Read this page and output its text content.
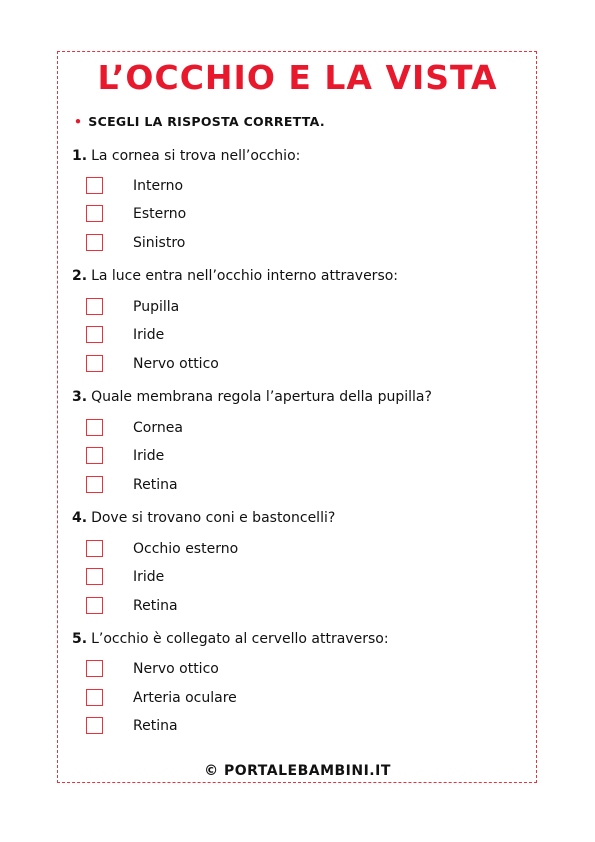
L’OCCHIO E LA VISTA
• SCEGLI LA RISPOSTA CORRETTA.
1. La cornea si trova nell’occhio:
Interno
Esterno
Sinistro
2. La luce entra nell’occhio interno attraverso:
Pupilla
Iride
Nervo ottico
3. Quale membrana regola l’apertura della pupilla?
Cornea
Iride
Retina
4. Dove si trovano coni e bastoncelli?
Occhio esterno
Iride
Retina
5. L’occhio è collegato al cervello attraverso:
Nervo ottico
Arteria oculare
Retina
© PORTALEBAMBINI.IT
